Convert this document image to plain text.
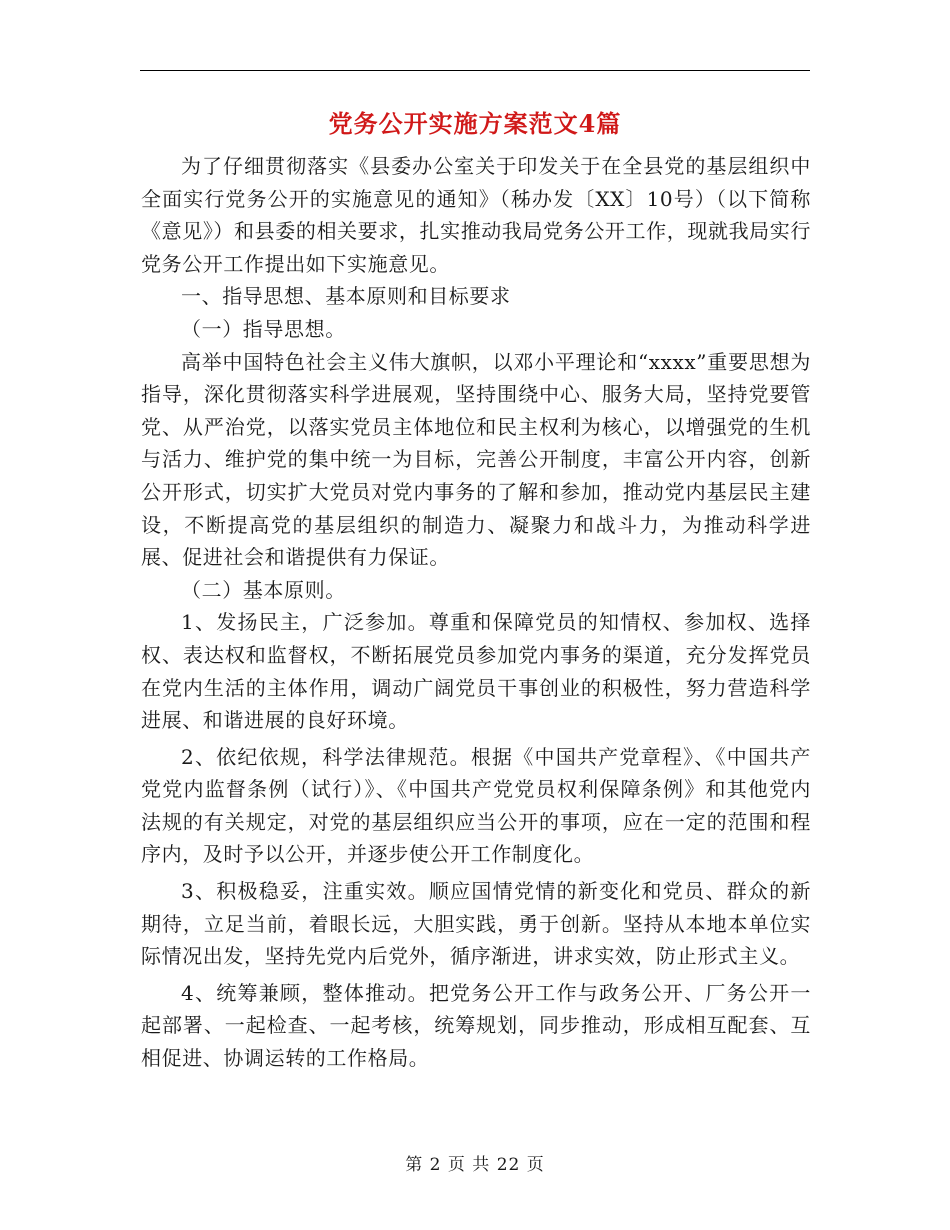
党务公开实施方案范文4篇

为了仔细贯彻落实《县委办公室关于印发关于在全县党的基层组织中全面实行党务公开的实施意见的通知》（秭办发〔XX〕10号）（以下简称《意见》）和县委的相关要求，扎实推动我局党务公开工作，现就我局实行党务公开工作提出如下实施意见。

一、指导思想、基本原则和目标要求

（一）指导思想。

高举中国特色社会主义伟大旗帜，以邓小平理论和“xxxx”重要思想为指导，深化贯彻落实科学进展观，坚持围绕中心、服务大局，坚持党要管党、从严治党，以落实党员主体地位和民主权利为核心，以增强党的生机与活力、维护党的集中统一为目标，完善公开制度，丰富公开内容，创新公开形式，切实扩大党员对党内事务的了解和参加，推动党内基层民主建设，不断提高党的基层组织的制造力、凝聚力和战斗力，为推动科学进展、促进社会和谐提供有力保证。

（二）基本原则。

1、发扬民主，广泛参加。尊重和保障党员的知情权、参加权、选择权、表达权和监督权，不断拓展党员参加党内事务的渠道，充分发挥党员在党内生活的主体作用，调动广阔党员干事创业的积极性，努力营造科学进展、和谐进展的良好环境。

2、依纪依规，科学法律规范。根据《中国共产党章程》、《中国共产党党内监督条例（试行）》、《中国共产党党员权利保障条例》和其他党内法规的有关规定，对党的基层组织应当公开的事项，应在一定的范围和程序内，及时予以公开，并逐步使公开工作制度化。

3、积极稳妥，注重实效。顺应国情党情的新变化和党员、群众的新期待，立足当前，着眼长远，大胆实践，勇于创新。坚持从本地本单位实际情况出发，坚持先党内后党外，循序渐进，讲求实效，防止形式主义。

4、统筹兼顾，整体推动。把党务公开工作与政务公开、厂务公开一起部署、一起检查、一起考核，统筹规划，同步推动，形成相互配套、互相促进、协调运转的工作格局。

第 2 页 共 22 页
